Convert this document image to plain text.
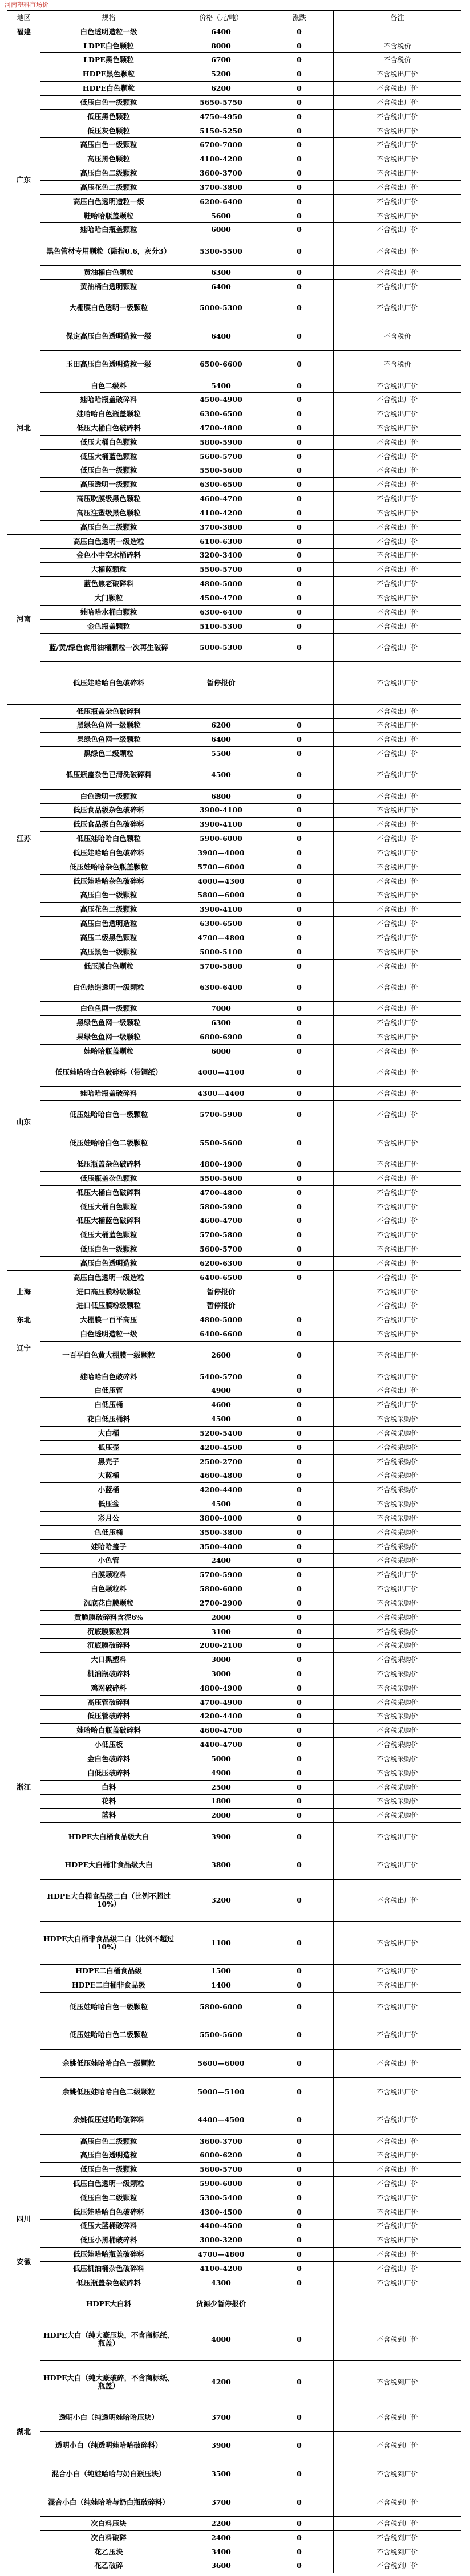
河南塑料市场价
地区	规格	价格（元/吨）	涨跌	备注
福建	白色透明造粒一级	6400	0	
广东	LDPE白色颗粒	8000	0	不含税价
	LDPE黑色颗粒	6700	0	不含税价
	HDPE黑色颗粒	5200	0	不含税出厂价
	HDPE白色颗粒	6200	0	不含税出厂价
	低压白色一级颗粒	5650-5750	0	不含税出厂价
	低压黑色颗粒	4750-4950	0	不含税出厂价
	低压灰色颗粒	5150-5250	0	不含税出厂价
	高压白色一级颗粒	6700-7000	0	不含税出厂价
	高压黑色颗粒	4100-4200	0	不含税出厂价
	高压白色二级颗粒	3600-3700	0	不含税出厂价
	高压花色二级颗粒	3700-3800	0	不含税出厂价
	高压白色透明造粒一级	6200-6400	0	不含税出厂价
	鞋哈哈瓶盖颗粒	5600	0	不含税出厂价
	娃哈哈白瓶盖颗粒	6000	0	不含税出厂价
	黑色管材专用颗粒（融指0.6，灰分3）	5300-5500	0	不含税出厂价
	黄油桶白色颗粒	6300	0	不含税出厂价
	黄油桶白透明颗粒	6400	0	不含税出厂价
	大棚膜白色透明一级颗粒	5000-5300	0	不含税出厂价
河北	保定高压白色透明造粒一级	6400	0	不含税价
	玉田高压白色透明造粒一级	6500-6600	0	不含税价
	白色二级料	5400	0	不含税出厂价
	娃哈哈瓶盖破碎料	4500-4900	0	不含税出厂价
	娃哈哈白色瓶盖颗粒	6300-6500	0	不含税出厂价
	低压大桶白色破碎料	4700-4800	0	不含税出厂价
	低压大桶白色颗粒	5800-5900	0	不含税出厂价
	低压大桶蓝色颗粒	5600-5700	0	不含税出厂价
	低压白色一级颗粒	5500-5600	0	不含税出厂价
	高压透明一级颗粒	6300-6500	0	不含税出厂价
	高压吹膜级黑色颗粒	4600-4700	0	不含税出厂价
	高压注塑级黑色颗粒	4100-4200	0	不含税出厂价
	高压白色二级颗粒	3700-3800	0	不含税出厂价
河南	高压白色透明一级造粒	6100-6300	0	不含税出厂价
	金色小中空水桶碎料	3200-3400	0	不含税出厂价
	大桶蓝颗粒	5500-5700	0	不含税出厂价
	蓝色焦老破碎料	4800-5000	0	不含税出厂价
	大门颗粒	4500-4700	0	不含税出厂价
	娃哈哈水桶白颗粒	6300-6400	0	不含税出厂价
	金色瓶盖颗粒	5100-5300	0	不含税出厂价
	蓝/黄/绿色食用油桶颗粒一次再生破碎	5000-5300	0	不含税出厂价
	低压娃哈哈白色破碎料	暂停报价		不含税出厂价
江苏	低压瓶盖杂色破碎料			不含税出厂价
	黑绿色鱼网一级颗粒	6200	0	不含税出厂价
	果绿色鱼网一级颗粒	6400	0	不含税出厂价
	黑绿色二级颗粒	5500	0	不含税出厂价
	低压瓶盖杂色已清洗破碎料	4500	0	不含税出厂价
	白色透明一级颗粒	6800	0	不含税出厂价
	低压食品级杂色破碎料	3900-4100	0	不含税出厂价
	低压食品级白色破碎料	3900-4100	0	不含税出厂价
	低压娃哈哈白色颗粒	5900-6000	0	不含税出厂价
	低压娃哈哈白色破碎料	3900—4000	0	不含税出厂价
	低压娃哈哈杂色瓶盖颗粒	5700—6000	0	不含税出厂价
	低压娃哈哈杂色破碎料	4000—4300	0	不含税出厂价
	高压白色一级颗粒	5800—6000	0	不含税出厂价
	高压花色二级颗粒	3900-4100	0	不含税出厂价
	高压白色透明造粒	6300-6500	0	不含税出厂价
	高压二级黑色颗粒	4700—4800	0	不含税出厂价
	高压黑色一级颗粒	5000-5100	0	不含税出厂价
	低压膜白色颗粒	5700-5800	0	不含税出厂价
山东	白色热造透明一级颗粒	6300-6400	0	不含税出厂价
	白色鱼网一级颗粒	7000	0	不含税出厂价
	黑绿色鱼网一级颗粒	6300	0	不含税出厂价
	果绿色鱼网一级颗粒	6800-6900	0	不含税出厂价
	娃哈哈瓶盖颗粒	6000	0	不含税出厂价
	低压娃哈哈白色破碎料（带铜纸）	4000—4100	0	不含税出厂价
	娃哈哈瓶盖破碎料	4300—4400	0	不含税出厂价
	低压娃哈哈白色一级颗粒	5700-5900	0	不含税出厂价
	低压娃哈哈白色二级颗粒	5500-5600	0	不含税出厂价
	低压瓶盖杂色破碎料	4800-4900	0	不含税出厂价
	低压瓶盖杂色颗粒	5500-5600	0	不含税出厂价
	低压大桶白色破碎料	4700-4800	0	不含税出厂价
	低压大桶白色颗粒	5800-5900	0	不含税出厂价
	低压大桶蓝色破碎料	4600-4700	0	不含税出厂价
	低压大桶蓝色颗粒	5700-5800	0	不含税出厂价
	低压白色一级颗粒	5600-5700	0	不含税出厂价
	高压白色透明造粒	6200-6300	0	不含税出厂价
上海	高压白色透明一级造粒	6400-6500	0	不含税出厂价
	进口高压膜粉级颗粒	暂停报价		不含税出厂价
	进口低压膜粉级颗粒	暂停报价		不含税出厂价
东北	大棚膜一百平高压	4800-5000	0	不含税出厂价
辽宁	白色透明造粒一级	6400-6600	0	不含税出厂价
	一百平白色黄大棚膜一级颗粒	2600	0	不含税出厂价
浙江	娃哈哈白色破碎料	5400-5700	0	不含税出厂价
	白低压管	4900	0	不含税出厂价
	白低压桶	4600	0	不含税出厂价
	花白低压桶料	4500	0	不含税采购价
	大白桶	5200-5400	0	不含税采购价
	低压壶	4200-4500	0	不含税采购价
	黑壳子	2500-2700	0	不含税采购价
	大蓝桶	4600-4800	0	不含税采购价
	小蓝桶	4200-4400	0	不含税采购价
	低压盆	4500	0	不含税采购价
	彩月公	3800-4000	0	不含税采购价
	色低压桶	3500-3800	0	不含税采购价
	娃哈哈盖子	3500-4000	0	不含税采购价
	小色管	2400	0	不含税采购价
	白膜颗粒料	5700-5900	0	不含税出厂价
	白色颗粒料	5800-6000	0	不含税出厂价
	沉底花白膜颗粒	2700-2900	0	不含税采购价
	黄脆膜破碎料含泥6%	2000	0	不含税采购价
	沉底膜颗粒料	3100	0	不含税采购价
	沉底膜破碎料	2000-2100	0	不含税采购价
	大口黑塑料	3000	0	不含税采购价
	机油瓶破碎料	3000	0	不含税采购价
	鸡网破碎料	4800-4900	0	不含税采购价
	高压管破碎料	4700-4900	0	不含税采购价
	低压管破碎料	4200-4400	0	不含税采购价
	娃哈哈白瓶盖破碎料	4600-4700	0	不含税采购价
	小低压板	4400-4700	0	不含税采购价
	金白色破碎料	5000	0	不含税采购价
	白低压破碎料	4900	0	不含税采购价
	白料	2500	0	不含税采购价
	花料	1800	0	不含税采购价
	蓝料	2000	0	不含税采购价
	HDPE大白桶食品级大白	3900	0	不含税出厂价
	HDPE大白桶非食品级大白	3800	0	不含税出厂价
	HDPE大白桶食品级二白（比例不超过10%）	3200	0	不含税出厂价
	HDPE大白桶非食品级二白（比例不超过10%）	1100	0	不含税出厂价
	HDPE二白桶食品级	1500	0	不含税出厂价
	HDPE二白桶非食品级	1400	0	不含税出厂价
	低压娃哈哈白色一级颗粒	5800-6000	0	不含税出厂价
	低压娃哈哈白色二级颗粒	5500-5600	0	不含税出厂价
	余姚低压娃哈哈白色一级颗粒	5600—6000	0	不含税出厂价
	余姚低压娃哈哈白色二级颗粒	5000—5100	0	不含税出厂价
	余姚低压娃哈哈破碎料	4400—4500	0	不含税出厂价
	高压白色二级颗粒	3600-3700	0	不含税出厂价
	高压白色透明造粒	6000-6200	0	不含税出厂价
	低压白色一级颗粒	5600-5700	0	不含税出厂价
	低压白色透明一级颗粒	5900-6000	0	不含税出厂价
	低压白色二级颗粒	5300-5400	0	不含税出厂价
四川	低压娃哈哈白色破碎料	4300-4500	0	不含税出厂价
	低压大蓝桶破碎料	4400-4500	0	不含税出厂价
安徽	低压小黑桶破碎料	3000-3200	0	不含税出厂价
	低压娃哈哈瓶盖破碎料	4700—4800	0	不含税出厂价
	低压机油桶杂色破碎料	4100-4200	0	不含税出厂价
	低压瓶盖杂色破碎料	4300	0	不含税出厂价
湖北	HDPE大白料	货源少暂停报价		
	HDPE大白（纯大豪压块，不含商标纸、瓶盖）	4000	0	不含税到厂价
	HDPE大白（纯大豪破碎，不含商标纸、瓶盖）	4200	0	不含税到厂价
	透明小白（纯透明娃哈哈压块）	3700	0	不含税到厂价
	透明小白（纯透明娃哈哈破碎料）	3900	0	不含税到厂价
	混合小白（纯娃哈哈与奶白瓶压块）	3500	0	不含税到厂价
	混合小白（纯娃哈哈与奶白瓶破碎料）	3700	0	不含税到厂价
	次白料压块	2200	0	不含税到厂价
	次白料破碎	2400	0	不含税到厂价
	花乙压块	3400	0	不含税到厂价
	花乙破碎	3600	0	不含税到厂价
